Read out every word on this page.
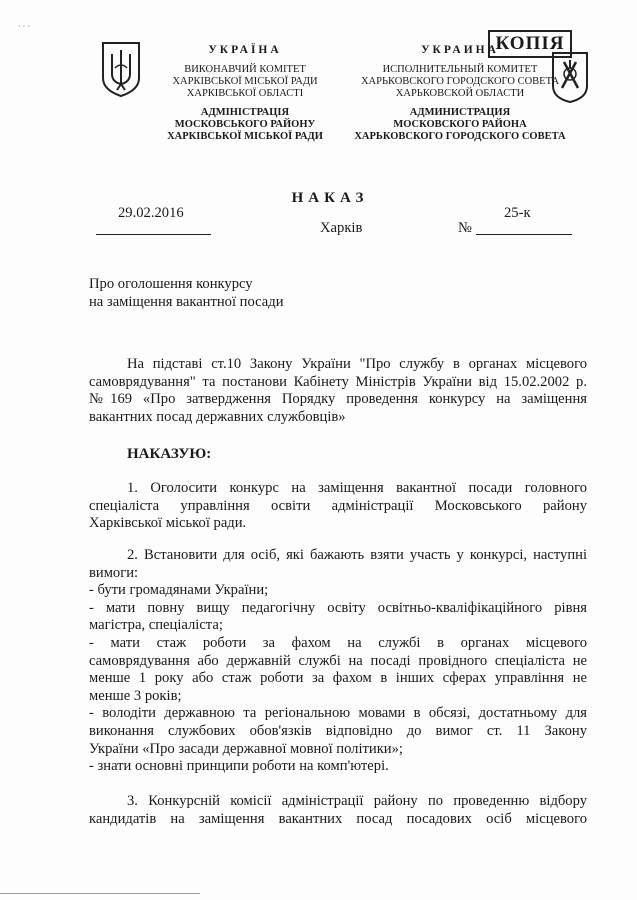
КОПІЯ
· · ·
УКРАЇНА
ВИКОНАВЧИЙ КОМІТЕТ
ХАРКІВСЬКОЇ МІСЬКОЇ РАДИ
ХАРКІВСЬКОЇ ОБЛАСТІ
АДМІНІСТРАЦІЯ
МОСКОВСЬКОГО РАЙОНУ
ХАРКІВСЬКОЇ МІСЬКОЇ РАДИ
УКРАИНА
ИСПОЛНИТЕЛЬНЫЙ КОМИТЕТ
ХАРЬКОВСКОГО ГОРОДСКОГО СОВЕТА
ХАРЬКОВСКОЙ ОБЛАСТИ
АДМИНИСТРАЦИЯ
МОСКОВСКОГО РАЙОНА
ХАРЬКОВСКОГО ГОРОДСКОГО СОВЕТА
НАКАЗ
29.02.2016
Харків
25-к
№
Про оголошення конкурсу
на заміщення вакантної посади
На підставі ст.10 Закону України "Про службу в органах місцевого
самоврядування" та постанови Кабінету Міністрів України від 15.02.2002 р.
№169 «Про затвердження Порядку проведення конкурсу на заміщення
вакантних посад державних службовців»
НАКАЗУЮ:
1. Оголосити конкурс на заміщення вакантної посади головного
спеціаліста управління освіти адміністрації Московського району
Харківської міської ради.
2. Встановити для осіб, які бажають взяти участь у конкурсі, наступні
вимоги:
- бути громадянами України;
- мати повну вищу педагогічну освіту освітньо-кваліфікаційного рівня
магістра, спеціаліста;
- мати стаж роботи за фахом на службі в органах місцевого
самоврядування або державній службі на посаді провідного спеціаліста не
менше 1 року або стаж роботи за фахом в інших сферах управління не
менше 3 років;
- володіти державною та регіональною мовами в обсязі, достатньому для
виконання службових обов'язків відповідно до вимог ст. 11 Закону
України «Про засади державної мовної політики»;
- знати основні принципи роботи на комп'ютері.
3. Конкурсній комісії адміністрації району по проведенню відбору
кандидатів на заміщення вакантних посад посадових осіб місцевого
